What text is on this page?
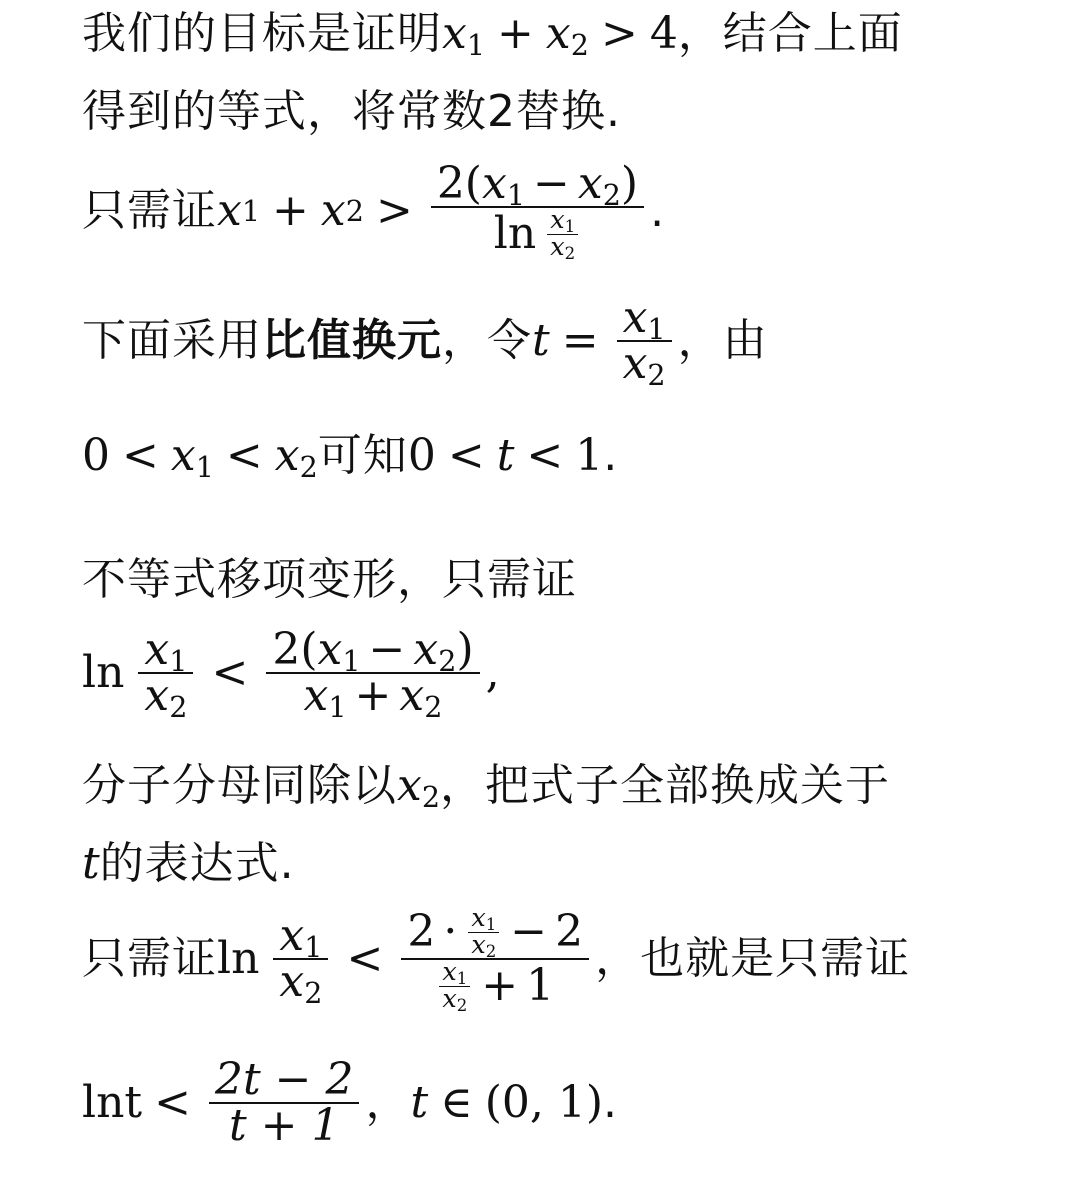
我们的目标是证明 $x_1 + x_2 > 4$ ，结合上面
得到的等式，将常数2替换.
只需证 x 1 + x $2 > \frac{2(x_1 - x_2)}{\ln \frac{x_1}{x_2}}$ .
下面采用 比值换元 ，令 $t = \frac{x_1}{x_2}$ ，由
$0 < x_1 < x_2$ 可知 0 < t < 1 .
不等式移项变形，只需证
$\ln \frac{x_1}{x_2} < \frac{2(x_1 - x_2)}{x_1 + x_2}$ ,
分子分母同除以 $x_2$ ，把式子全部换成关于
t 的表达式.
只需证 $\ln \frac{x_1}{x_2}$ <
$2 \cdot \frac{x_1}{x_2} - 2$
$\frac{x_1}{x_2} + 1$
，也就是只需证
$\ln t < \frac{2t - 2}{t + 1}$ ， t ∈ (0, 1) .
